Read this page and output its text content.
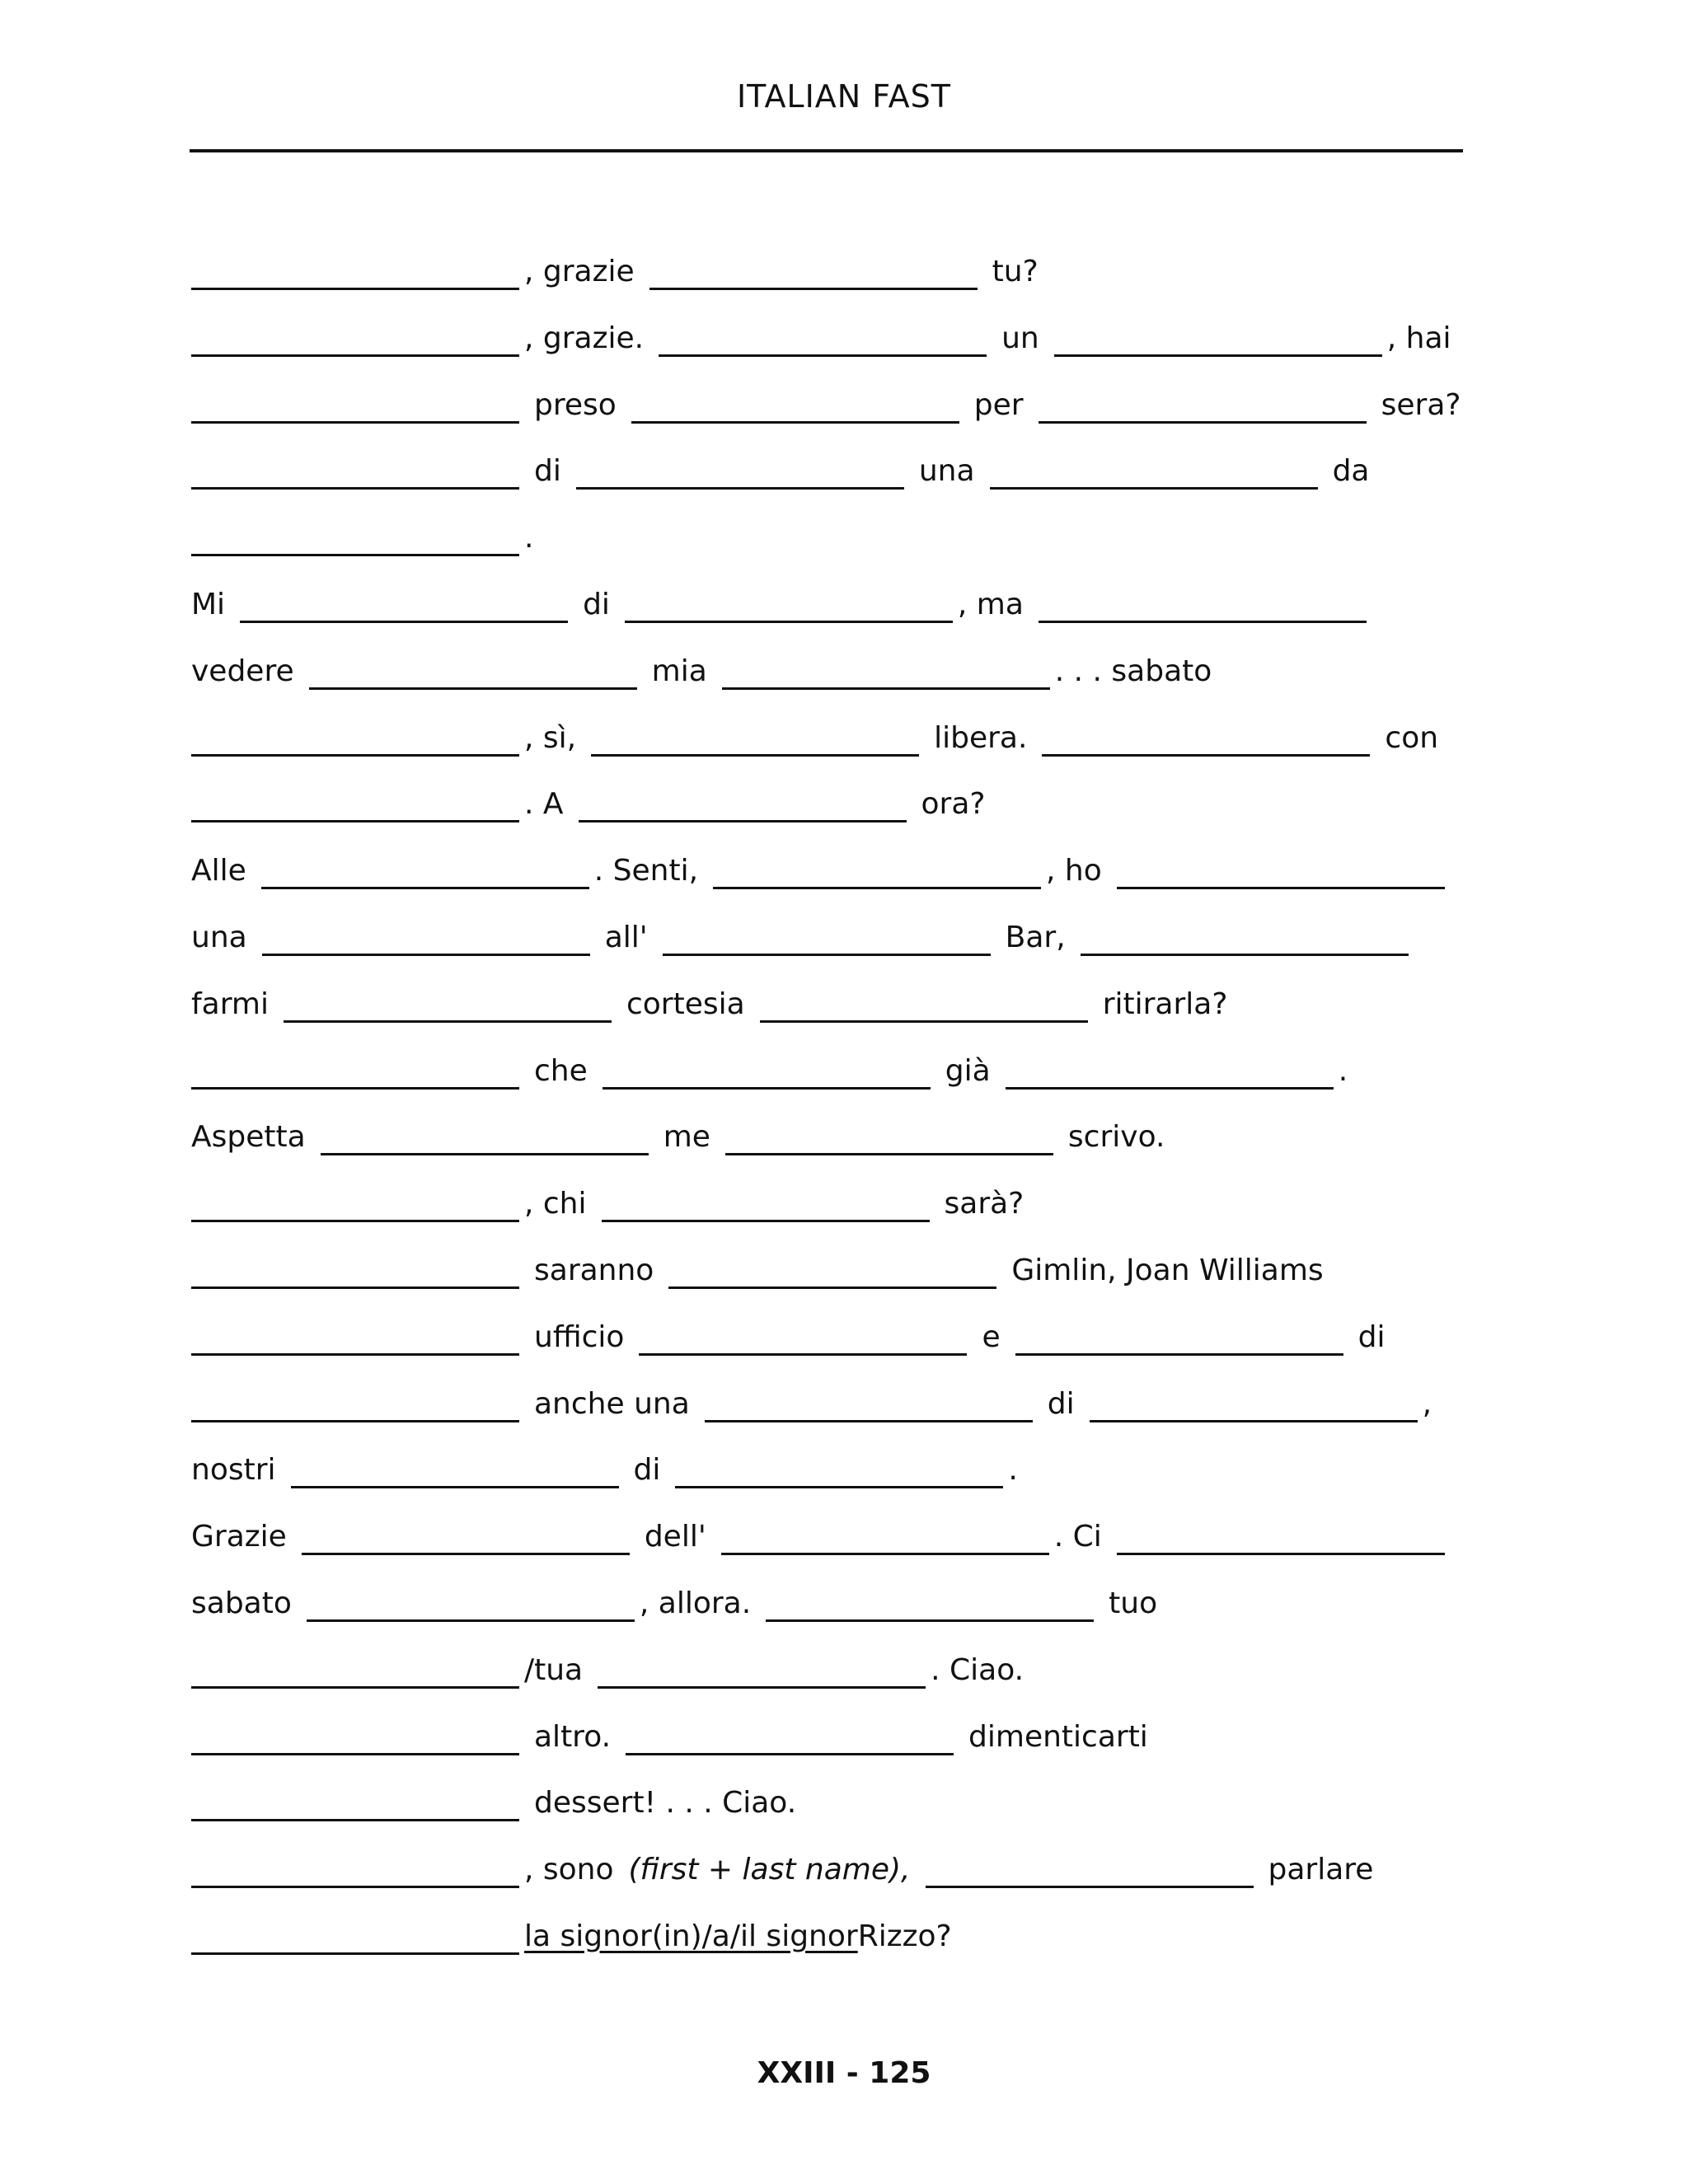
ITALIAN FAST
, grazie	tu?
, grazie.	un	, hai
preso	per	sera?
di	una	da
.
Mi	di	, ma
vedere	mia	. . . sabato
, sì,	libera.	con
. A	ora?
Alle	. Senti,	, ho
una	all'	Bar,
farmi	cortesia	ritirarla?
che	già	.
Aspetta	me	scrivo.
, chi	sarà?
saranno	Gimlin, Joan Williams
ufficio	e	di
anche una	di	,
nostri	di	.
Grazie	dell'	. Ci
sabato	, allora.	tuo
/tua	. Ciao.
altro.	dimenticarti
dessert! . . . Ciao.
, sono (first + last name),	parlare
la signor(in)/a/il signor Rizzo?
XXIII - 125
